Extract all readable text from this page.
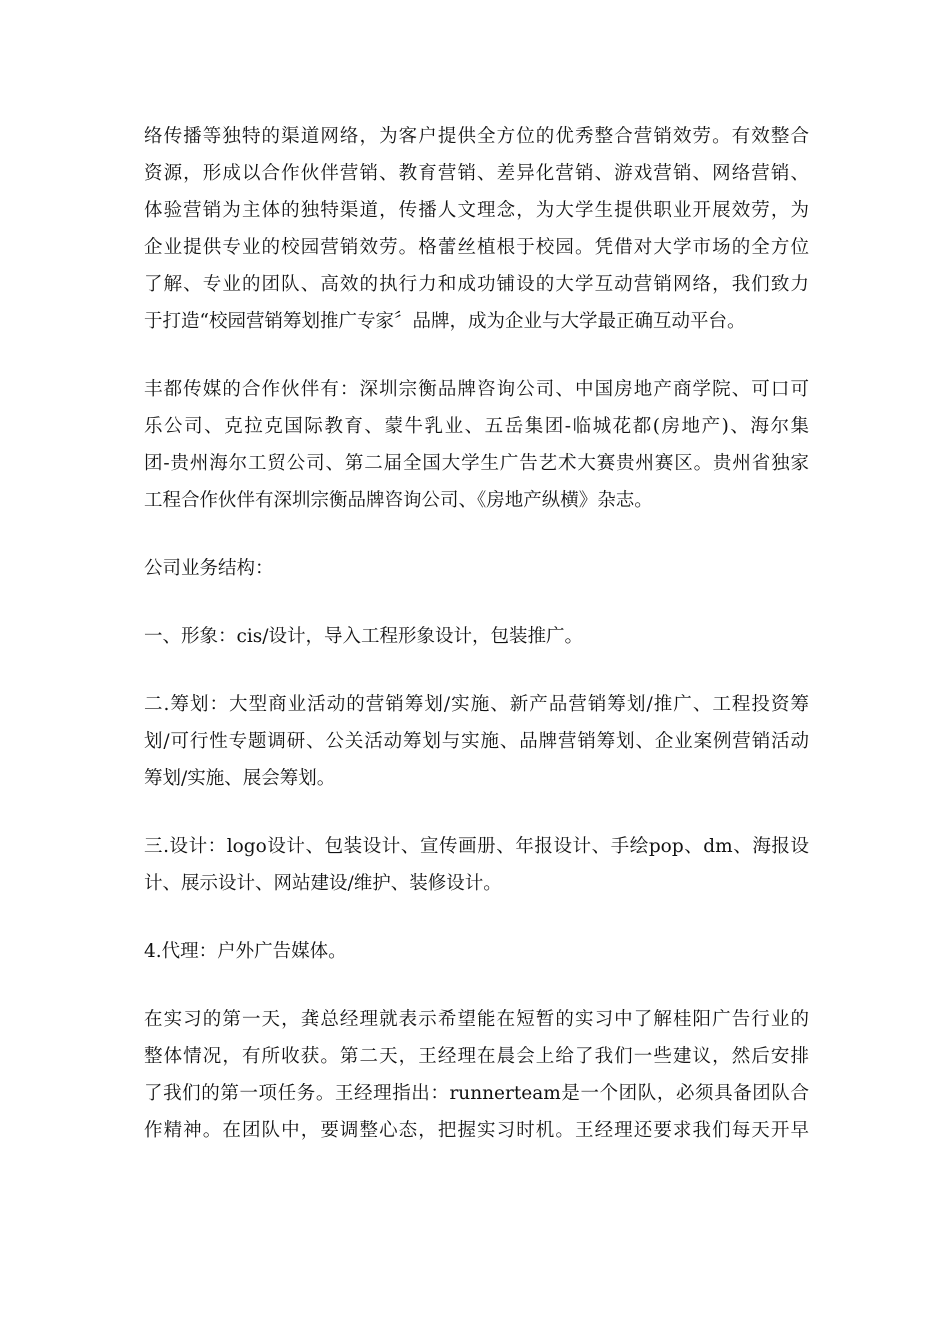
络传播等独特的渠道网络，为客户提供全方位的优秀整合营销效劳。有效整合
资源，形成以合作伙伴营销、教育营销、差异化营销、游戏营销、网络营销、
体验营销为主体的独特渠道，传播人文理念，为大学生提供职业开展效劳，为
企业提供专业的校园营销效劳。格蕾丝植根于校园。凭借对大学市场的全方位
了解、专业的团队、高效的执行力和成功铺设的大学互动营销网络，我们致力
于打造“校园营销筹划推广专家〞品牌，成为企业与大学最正确互动平台。
丰都传媒的合作伙伴有：深圳宗衡品牌咨询公司、中国房地产商学院、可口可
乐公司、克拉克国际教育、蒙牛乳业、五岳集团-临城花都(房地产)、海尔集
团-贵州海尔工贸公司、第二届全国大学生广告艺术大赛贵州赛区。贵州省独家
工程合作伙伴有深圳宗衡品牌咨询公司、《房地产纵横》杂志。
公司业务结构：
一、形象：cis/设计，导入工程形象设计，包装推广。
二.筹划：大型商业活动的营销筹划/实施、新产品营销筹划/推广、工程投资筹
划/可行性专题调研、公关活动筹划与实施、品牌营销筹划、企业案例营销活动
筹划/实施、展会筹划。
三.设计：logo设计、包装设计、宣传画册、年报设计、手绘pop、dm、海报设
计、展示设计、网站建设/维护、装修设计。
4.代理：户外广告媒体。
在实习的第一天，龚总经理就表示希望能在短暂的实习中了解桂阳广告行业的
整体情况，有所收获。第二天，王经理在晨会上给了我们一些建议，然后安排
了我们的第一项任务。王经理指出：runnerteam是一个团队，必须具备团队合
作精神。在团队中，要调整心态，把握实习时机。王经理还要求我们每天开早
